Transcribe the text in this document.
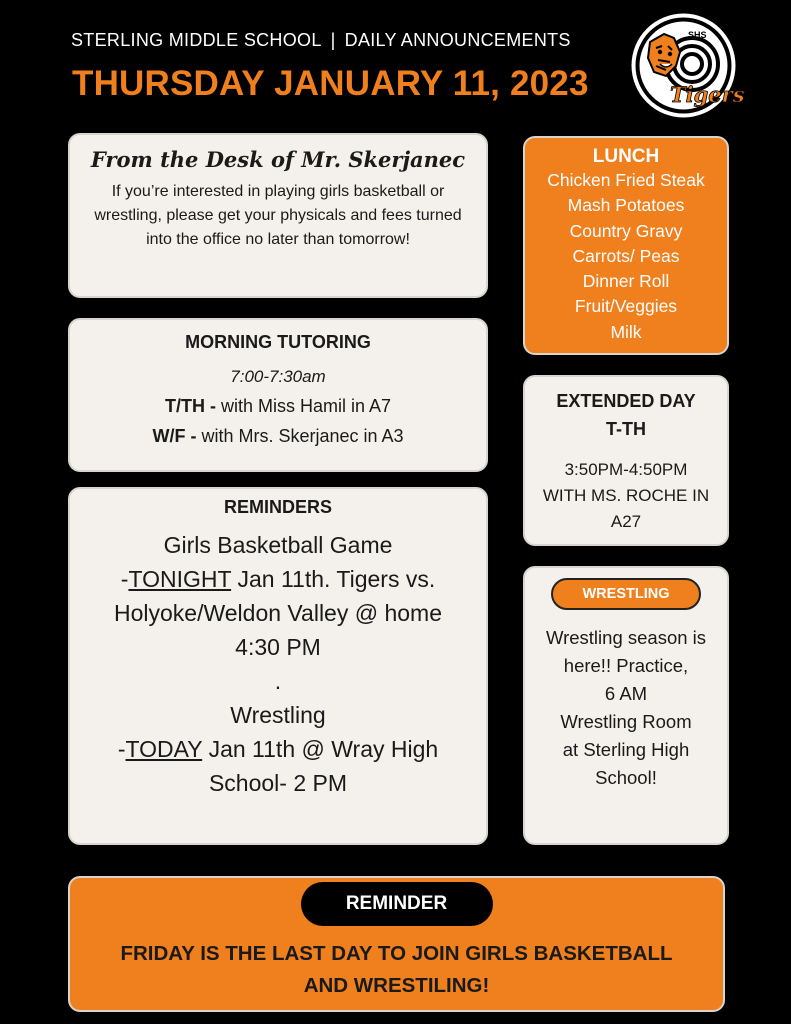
STERLING MIDDLE SCHOOL | DAILY ANNOUNCEMENTS
THURSDAY JANUARY 11, 2023
SHS
Tigers
From the Desk of Mr. Skerjanec
If you’re interested in playing girls basketball or wrestling, please get your physicals and fees turned into the office no later than tomorrow!
MORNING TUTORING
7:00-7:30am
T/TH - with Miss Hamil in A7
W/F - with Mrs. Skerjanec in A3
REMINDERS
Girls Basketball Game
-TONIGHT Jan 11th. Tigers vs.
Holyoke/Weldon Valley @ home
4:30 PM
.
Wrestling
-TODAY Jan 11th @ Wray High
School- 2 PM
LUNCH
Chicken Fried Steak
Mash Potatoes
Country Gravy
Carrots/ Peas
Dinner Roll
Fruit/Veggies
Milk
EXTENDED DAY
T-TH
3:50PM-4:50PM
WITH MS. ROCHE IN
A27
WRESTLING
Wrestling season is
here!! Practice,
6 AM
Wrestling Room
at Sterling High
School!
REMINDER
FRIDAY IS THE LAST DAY TO JOIN GIRLS BASKETBALL
AND WRESTILING!
